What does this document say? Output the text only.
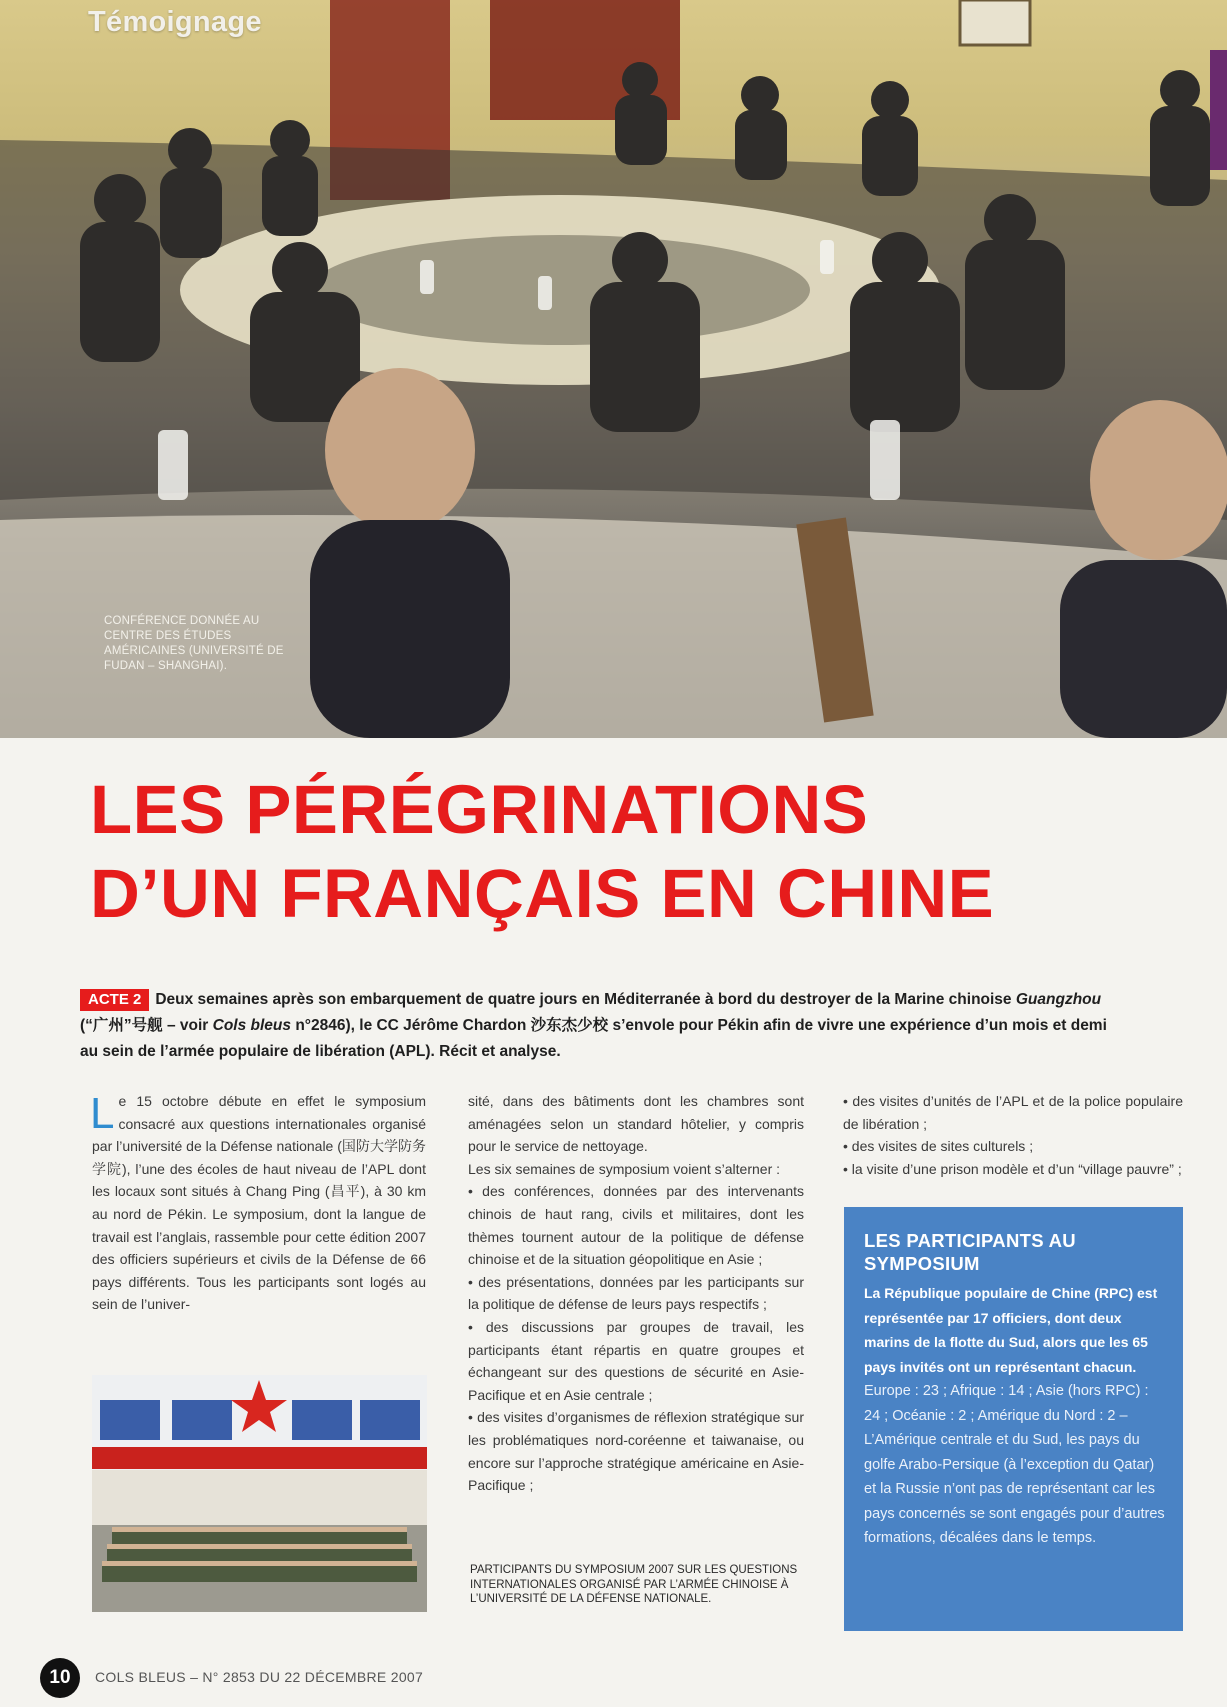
Témoignage
CONFÉRENCE DONNÉE AU CENTRE DES ÉTUDES AMÉRICAINES (UNIVERSITÉ DE FUDAN – SHANGHAI).
LES PÉRÉGRINATIONS
D’UN FRANÇAIS EN CHINE
ACTE 2 Deux semaines après son embarquement de quatre jours en Méditerranée à bord du destroyer de la Marine chinoise Guangzhou (“广州”号舰 – voir Cols bleus n°2846), le CC Jérôme Chardon 沙东杰少校 s’envole pour Pékin afin de vivre une expérience d’un mois et demi au sein de l’armée populaire de libération (APL). Récit et analyse.

Le 15 octobre débute en effet le symposium consacré aux questions internationales organisé par l’université de la Défense nationale (国防大学防务学院), l’une des écoles de haut niveau de l’APL dont les locaux sont situés à Chang Ping (昌平), à 30 km au nord de Pékin. Le symposium, dont la langue de travail est l’anglais, rassemble pour cette édition 2007 des officiers supérieurs et civils de la Défense de 66 pays différents. Tous les participants sont logés au sein de l’univer-

sité, dans des bâtiments dont les chambres sont aménagées selon un standard hôtelier, y compris pour le service de nettoyage.

Les six semaines de symposium voient s’alterner :

• des conférences, données par des intervenants chinois de haut rang, civils et militaires, dont les thèmes tournent autour de la politique de défense chinoise et de la situation géopolitique en Asie ;
• des présentations, données par les participants sur la politique de défense de leurs pays respectifs ;
• des discussions par groupes de travail, les participants étant répartis en quatre groupes et échangeant sur des questions de sécurité en Asie-Pacifique et en Asie centrale ;
• des visites d’organismes de réflexion stratégique sur les problématiques nord-coréenne et taiwanaise, ou encore sur l’approche stratégique américaine en Asie-Pacifique ;
PARTICIPANTS DU SYMPOSIUM 2007 SUR LES QUESTIONS INTERNATIONALES ORGANISÉ PAR L’ARMÉE CHINOISE À L’UNIVERSITÉ DE LA DÉFENSE NATIONALE.
• des visites d’unités de l’APL et de la police populaire de libération ;
• des visites de sites culturels ;
• la visite d’une prison modèle et d’un “village pauvre” ;
LES PARTICIPANTS AU SYMPOSIUM
La République populaire de Chine (RPC) est représentée par 17 officiers, dont deux marins de la flotte du Sud, alors que les 65 pays invités ont un représentant chacun.
Europe : 23 ; Afrique : 14 ; Asie (hors RPC) : 24 ; Océanie : 2 ; Amérique du Nord : 2 – L’Amérique centrale et du Sud, les pays du golfe Arabo-Persique (à l’exception du Qatar) et la Russie n’ont pas de représentant car les pays concernés se sont engagés pour d’autres formations, décalées dans le temps.
10	COLS BLEUS – N° 2853 DU 22 DÉCEMBRE 2007
